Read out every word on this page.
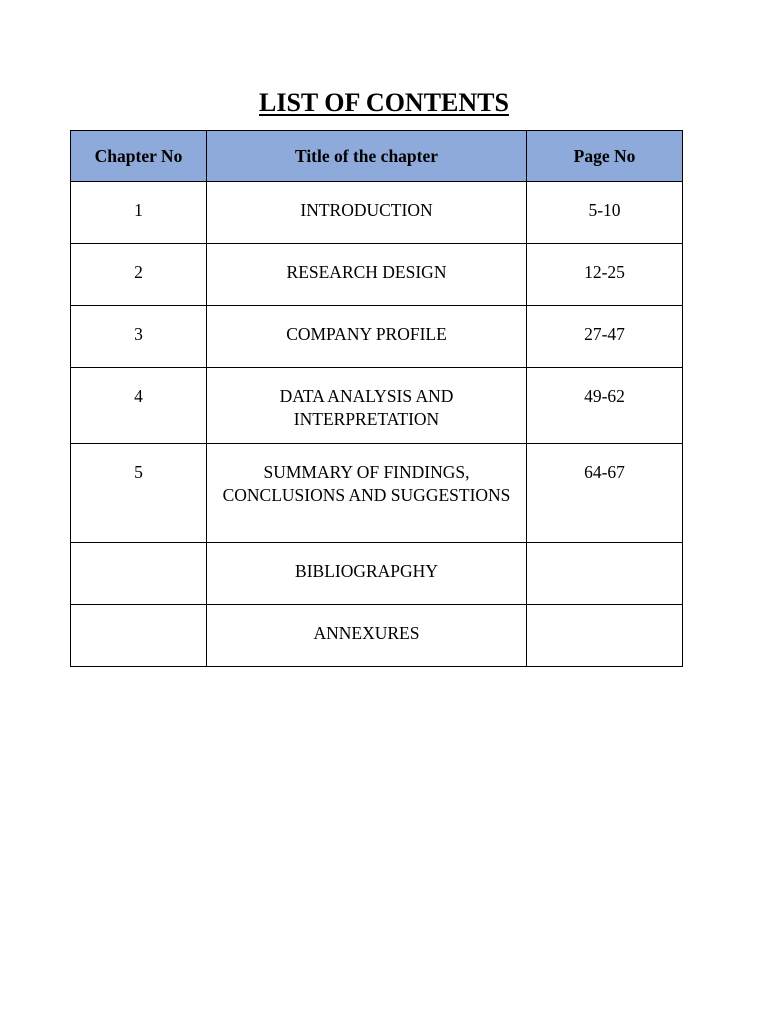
LIST OF CONTENTS
Chapter No	Title of the chapter	Page No
1	INTRODUCTION	5-10
2	RESEARCH DESIGN	12-25
3	COMPANY PROFILE	27-47
4	DATA ANALYSIS AND INTERPRETATION	49-62
5	SUMMARY OF FINDINGS, CONCLUSIONS AND SUGGESTIONS	64-67
	BIBLIOGRAPGHY	
	ANNEXURES	
